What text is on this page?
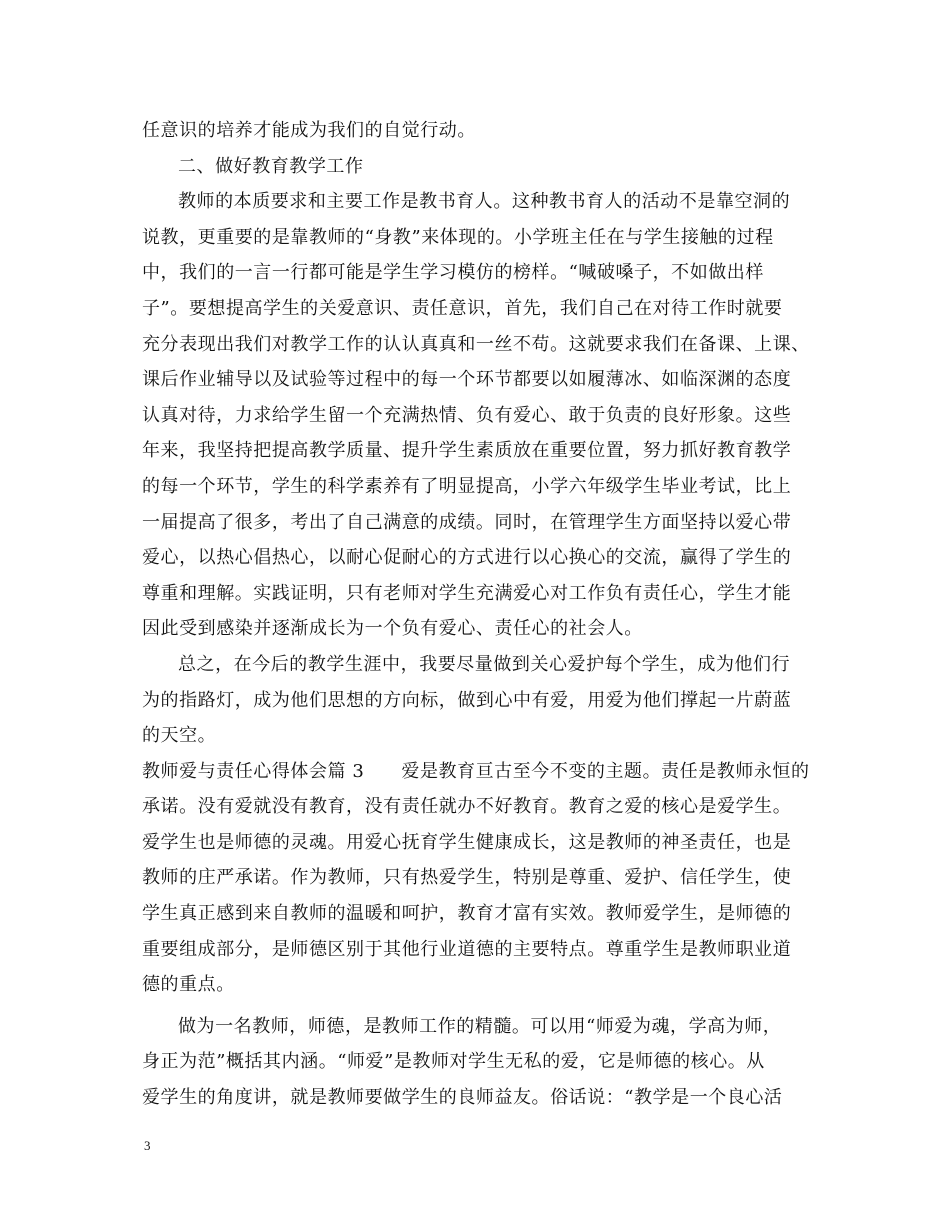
任意识的培养才能成为我们的自觉行动。
二、做好教育教学工作
教师的本质要求和主要工作是教书育人。这种教书育人的活动不是靠空洞的
说教，更重要的是靠教师的“身教”来体现的。小学班主任在与学生接触的过程
中，我们的一言一行都可能是学生学习模仿的榜样。“喊破嗓子，不如做出样
子”。要想提高学生的关爱意识、责任意识，首先，我们自己在对待工作时就要
充分表现出我们对教学工作的认认真真和一丝不苟。这就要求我们在备课、上课、
课后作业辅导以及试验等过程中的每一个环节都要以如履薄冰、如临深渊的态度
认真对待，力求给学生留一个充满热情、负有爱心、敢于负责的良好形象。这些
年来，我坚持把提高教学质量、提升学生素质放在重要位置，努力抓好教育教学
的每一个环节，学生的科学素养有了明显提高，小学六年级学生毕业考试，比上
一届提高了很多，考出了自己满意的成绩。同时，在管理学生方面坚持以爱心带
爱心，以热心倡热心，以耐心促耐心的方式进行以心换心的交流，赢得了学生的
尊重和理解。实践证明，只有老师对学生充满爱心对工作负有责任心，学生才能
因此受到感染并逐渐成长为一个负有爱心、责任心的社会人。
总之，在今后的教学生涯中，我要尽量做到关心爱护每个学生，成为他们行
为的指路灯，成为他们思想的方向标，做到心中有爱，用爱为他们撑起一片蔚蓝
的天空。
教师爱与责任心得体会篇 3　　爱是教育亘古至今不变的主题。责任是教师永恒的
承诺。没有爱就没有教育，没有责任就办不好教育。教育之爱的核心是爱学生。
爱学生也是师德的灵魂。用爱心抚育学生健康成长，这是教师的神圣责任，也是
教师的庄严承诺。作为教师，只有热爱学生，特别是尊重、爱护、信任学生，使
学生真正感到来自教师的温暖和呵护，教育才富有实效。教师爱学生，是师德的
重要组成部分，是师德区别于其他行业道德的主要特点。尊重学生是教师职业道
德的重点。
做为一名教师，师德，是教师工作的精髓。可以用“师爱为魂，学高为师，
身正为范”概括其内涵。“师爱”是教师对学生无私的爱，它是师德的核心。从
爱学生的角度讲，就是教师要做学生的良师益友。俗话说：“教学是一个良心活
3
